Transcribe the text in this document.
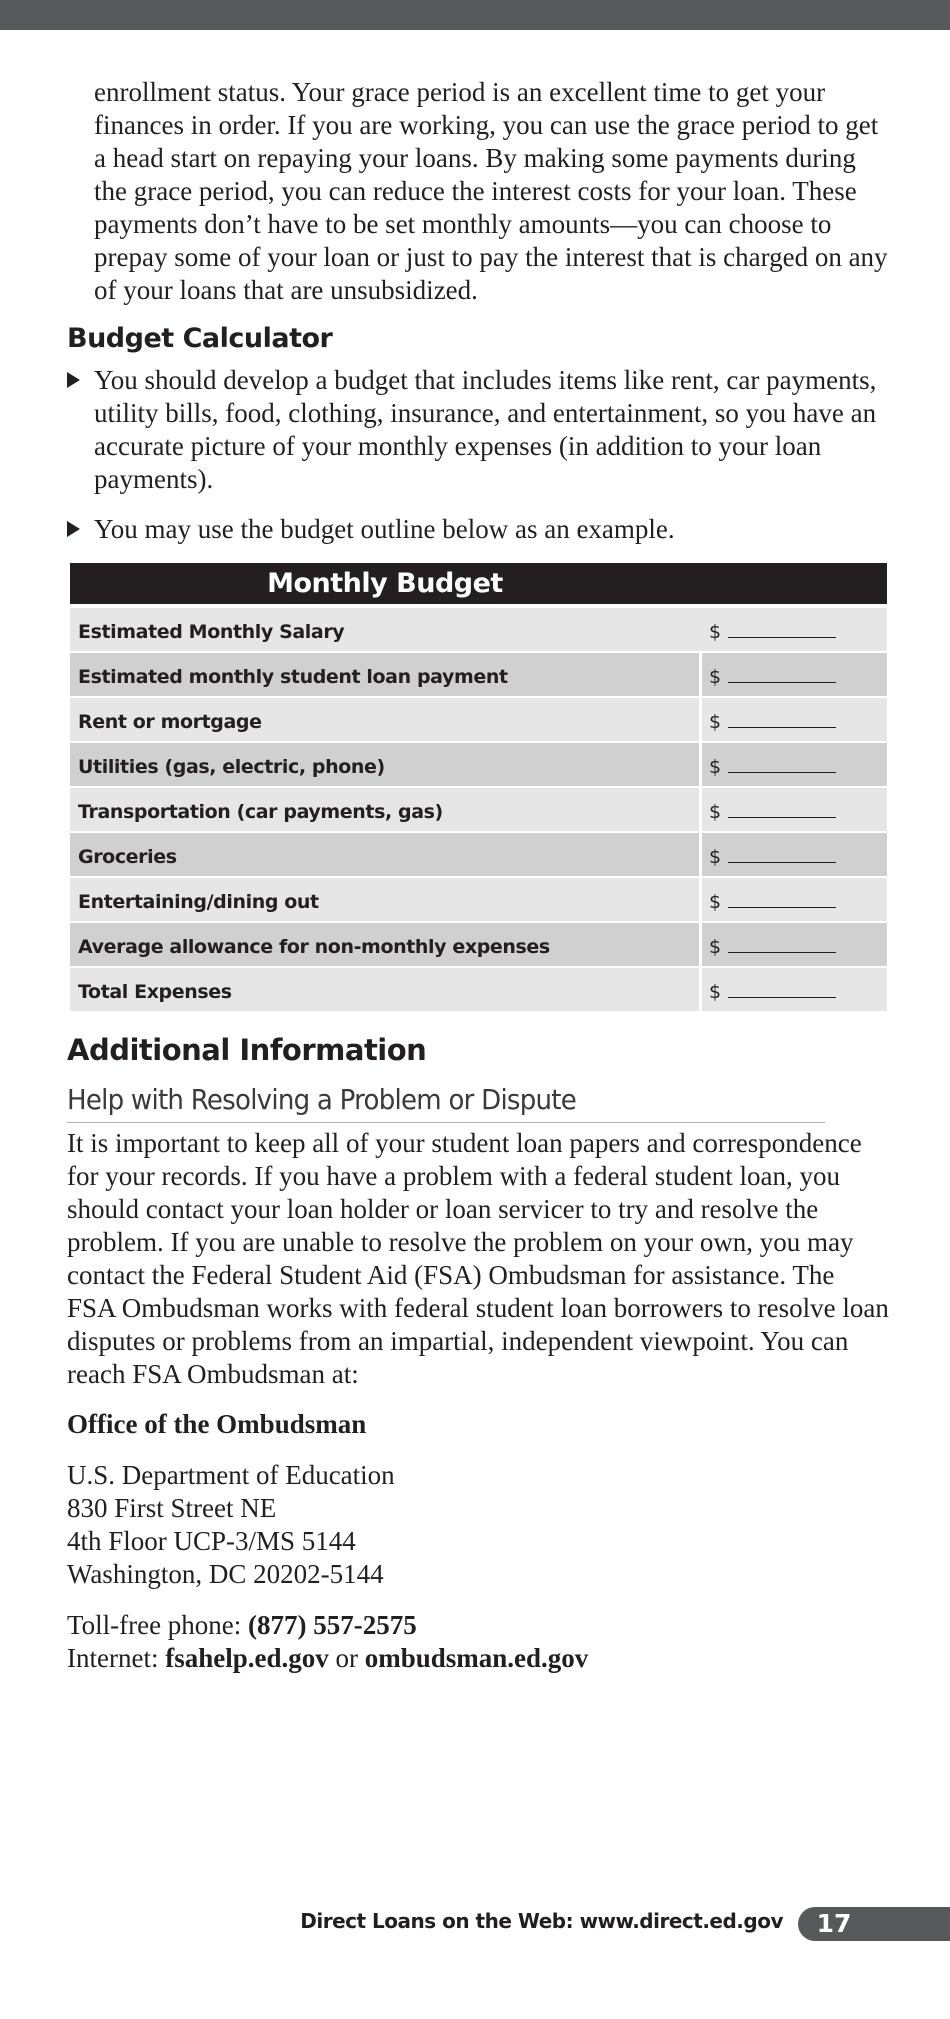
enrollment status. Your grace period is an excellent time to get your finances in order. If you are working, you can use the grace period to get a head start on repaying your loans. By making some payments during the grace period, you can reduce the interest costs for your loan. These payments don’t have to be set monthly amounts—you can choose to prepay some of your loan or just to pay the interest that is charged on any of your loans that are unsubsidized.

Budget Calculator
You should develop a budget that includes items like rent, car payments, utility bills, food, clothing, insurance, and entertainment, so you have an accurate picture of your monthly expenses (in addition to your loan payments).
You may use the budget outline below as an example.
Monthly Budget
Estimated Monthly Salary	$
Estimated monthly student loan payment	$
Rent or mortgage	$
Utilities (gas, electric, phone)	$
Transportation (car payments, gas)	$
Groceries	$
Entertaining/dining out	$
Average allowance for non-monthly expenses	$
Total Expenses	$
Additional Information
Help with Resolving a Problem or Dispute

It is important to keep all of your student loan papers and correspondence for your records. If you have a problem with a federal student loan, you should contact your loan holder or loan servicer to try and resolve the problem. If you are unable to resolve the problem on your own, you may contact the Federal Student Aid (FSA) Ombudsman for assistance. The FSA Ombudsman works with federal student loan borrowers to resolve loan disputes or problems from an impartial, independent viewpoint. You can reach FSA Ombudsman at:

Office of the Ombudsman

U.S. Department of Education
830 First Street NE
4th Floor UCP-3/MS 5144
Washington, DC 20202-5144

Toll-free phone: (877) 557-2575
Internet: fsahelp.ed.gov or ombudsman.ed.gov

Direct Loans on the Web: www.direct.ed.gov	17
